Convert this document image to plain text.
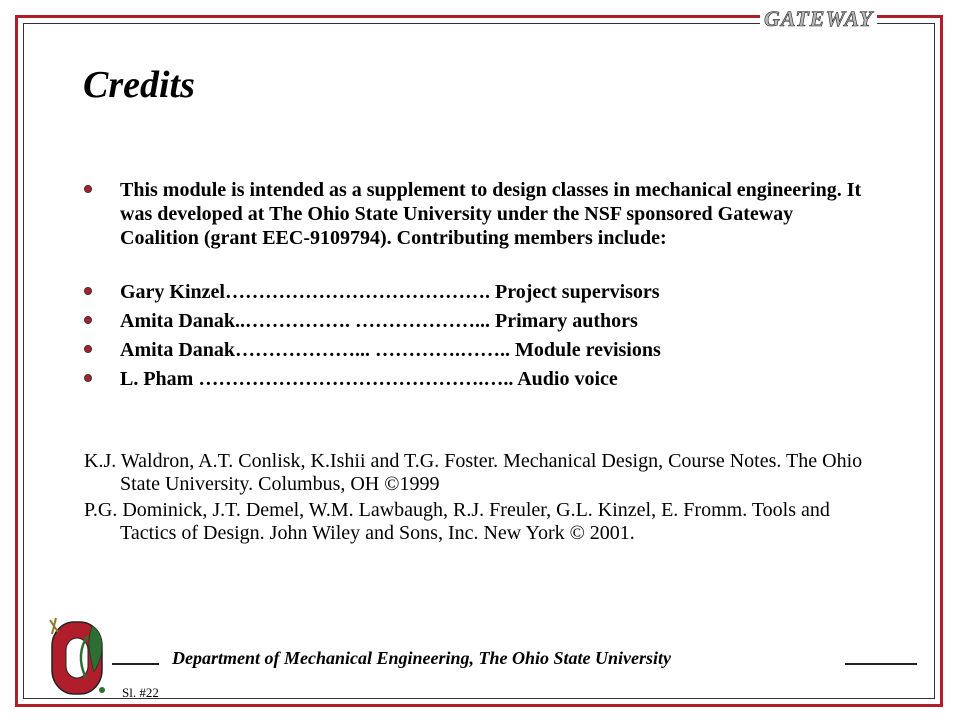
GATEWAY
Credits
This module is intended as a supplement to design classes in mechanical engineering. It was developed at The Ohio State University under the NSF sponsored Gateway Coalition (grant EEC-9109794). Contributing members include:
Gary Kinzel…………………………………. Project supervisors
Amita Danak..……………. ………………... Primary authors
Amita Danak………………... ………….…….. Module revisions
L. Pham …………………………………….….. Audio voice
K.J. Waldron, A.T. Conlisk, K.Ishii and T.G. Foster. Mechanical Design, Course Notes. The Ohio State University. Columbus, OH ©1999
P.G. Dominick, J.T. Demel, W.M. Lawbaugh, R.J. Freuler, G.L. Kinzel, E. Fromm. Tools and Tactics of Design. John Wiley and Sons, Inc. New York © 2001.
Department of Mechanical Engineering, The Ohio State University
Sl. #22
